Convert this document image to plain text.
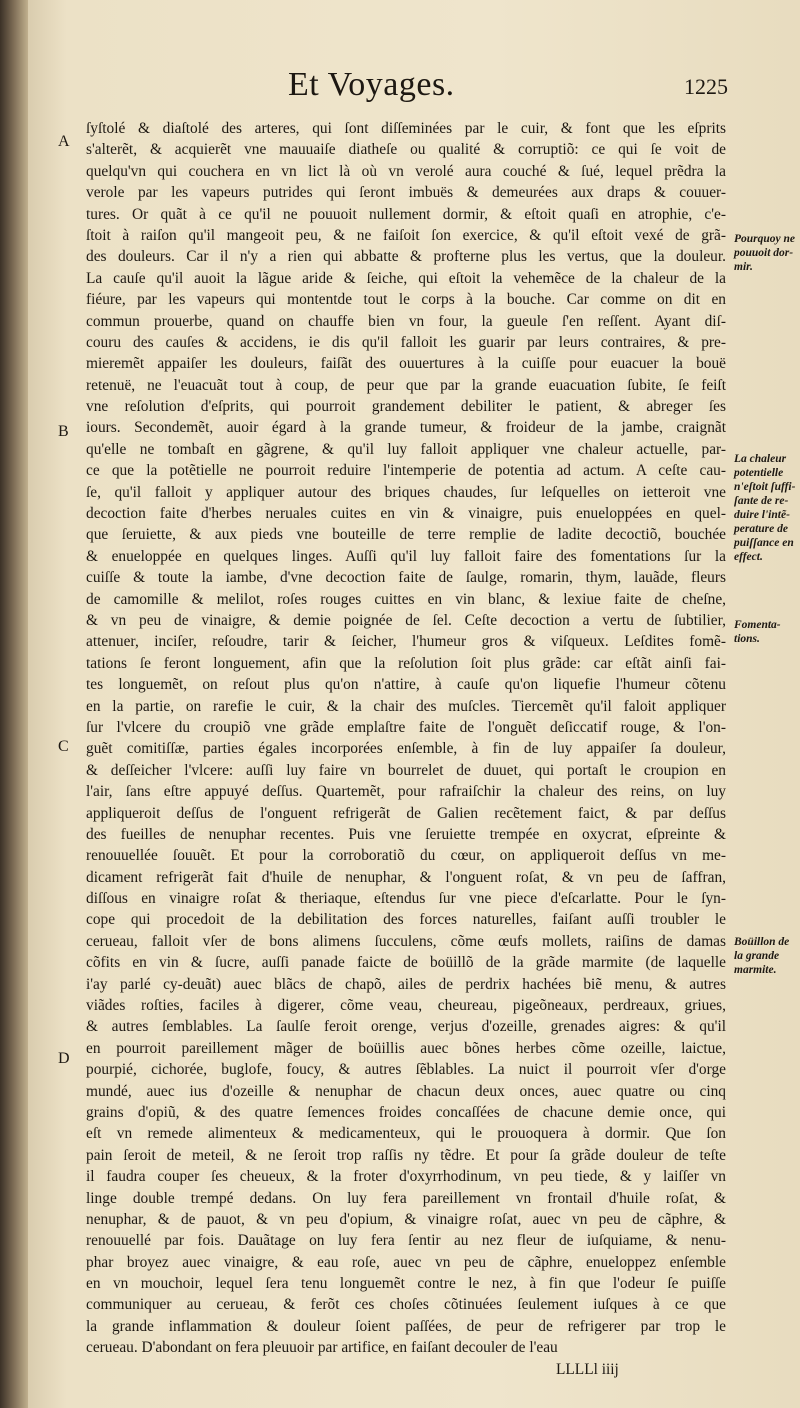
Et Voyages.	1225
A
B
C
D
ſyſtolé & diaſtolé des arteres, qui ſont diſſeminées par le cuir, & font que les eſprits
s'alterẽt, & acquierẽt vne mauuaiſe diatheſe ou qualité & corruptiõ: ce qui ſe voit de
quelqu'vn qui couchera en vn lict là où vn verolé aura couché & ſué, lequel prẽdra la
verole par les vapeurs putrides qui ſeront imbuës & demeurées aux draps & couuer-
tures. Or quãt à ce qu'il ne pouuoit nullement dormir, & eſtoit quaſi en atrophie, c'e-
ſtoit à raiſon qu'il mangeoit peu, & ne faiſoit ſon exercice, & qu'il eſtoit vexé de grã-
des douleurs. Car il n'y a rien qui abbatte & profterne plus les vertus, que la douleur.
La cauſe qu'il auoit la lãgue aride & ſeiche, qui eſtoit la vehemẽce de la chaleur de la
fiéure, par les vapeurs qui montentde tout le corps à la bouche. Car comme on dit en
commun prouerbe, quand on chauffe bien vn four, la gueule ſ'en reſſent. Ayant diſ-
couru des cauſes & accidens, ie dis qu'il falloit les guarir par leurs contraires, & pre-
mieremẽt appaiſer les douleurs, faiſãt des ouuertures à la cuiſſe pour euacuer la bouë
retenuë, ne l'euacuãt tout à coup, de peur que par la grande euacuation ſubite, ſe feiſt
vne reſolution d'eſprits, qui pourroit grandement debiliter le patient, & abreger ſes
iours. Secondemẽt, auoir égard à la grande tumeur, & froideur de la jambe, craignãt
qu'elle ne tombaſt en gãgrene, & qu'il luy falloit appliquer vne chaleur actuelle, par-
ce que la potẽtielle ne pourroit reduire l'intemperie de potentia ad actum. A ceſte cau-
ſe, qu'il falloit y appliquer autour des briques chaudes, ſur leſquelles on ietteroit vne
decoction faite d'herbes neruales cuites en vin & vinaigre, puis enueloppées en quel-
que ſeruiette, & aux pieds vne bouteille de terre remplie de ladite decoctiõ, bouchée
& enueloppée en quelques linges. Auſſi qu'il luy falloit faire des fomentations ſur la
cuiſſe & toute la iambe, d'vne decoction faite de ſaulge, romarin, thym, lauãde, fleurs
de camomille & melilot, roſes rouges cuittes en vin blanc, & lexiue faite de cheſne,
& vn peu de vinaigre, & demie poignée de ſel. Ceſte decoction a vertu de ſubtilier,
attenuer, inciſer, reſoudre, tarir & ſeicher, l'humeur gros & viſqueux. Leſdites fomẽ-
tations ſe feront longuement, afin que la reſolution ſoit plus grãde: car eſtãt ainſi fai-
tes longuemẽt, on reſout plus qu'on n'attire, à cauſe qu'on liquefie l'humeur cõtenu
en la partie, on rarefie le cuir, & la chair des muſcles. Tiercemẽt qu'il faloit appliquer
ſur l'vlcere du croupiõ vne grãde emplaſtre faite de l'onguẽt deſiccatif rouge, & l'on-
guẽt comitiſſæ, parties égales incorporées enſemble, à fin de luy appaiſer ſa douleur,
& deſſeicher l'vlcere: auſſi luy faire vn bourrelet de duuet, qui portaſt le croupion en
l'air, ſans eſtre appuyé deſſus. Quartemẽt, pour rafraiſchir la chaleur des reins, on luy
appliqueroit deſſus de l'onguent refrigerãt de Galien recẽtement faict, & par deſſus
des fueilles de nenuphar recentes. Puis vne ſeruiette trempée en oxycrat, eſpreinte &
renouuellée ſouuẽt. Et pour la corroboratiõ du cœur, on appliqueroit deſſus vn me-
dicament refrigerãt fait d'huile de nenuphar, & l'onguent roſat, & vn peu de ſaffran,
diſſous en vinaigre roſat & theriaque, eſtendus ſur vne piece d'eſcarlatte. Pour le ſyn-
cope qui procedoit de la debilitation des forces naturelles, faiſant auſſi troubler le
cerueau, falloit vſer de bons alimens ſucculens, cõme œufs mollets, raiſins de damas
cõfits en vin & ſucre, auſſi panade faicte de boüillõ de la grãde marmite (de laquelle
i'ay parlé cy-deuãt) auec blãcs de chapõ, ailes de perdrix hachées biẽ menu, & autres
viãdes roſties, faciles à digerer, cõme veau, cheureau, pigeõneaux, perdreaux, griues,
& autres ſemblables. La ſaulſe feroit orenge, verjus d'ozeille, grenades aigres: & qu'il
en pourroit pareillement mãger de boüillis auec bõnes herbes cõme ozeille, laictue,
pourpié, cichorée, buglofe, foucy, & autres ſẽblables. La nuict il pourroit vſer d'orge
mundé, auec ius d'ozeille & nenuphar de chacun deux onces, auec quatre ou cinq
grains d'opiũ, & des quatre ſemences froides concaſſées de chacune demie once, qui
eſt vn remede alimenteux & medicamenteux, qui le prouoquera à dormir. Que ſon
pain ſeroit de meteil, & ne ſeroit trop raſſis ny tẽdre. Et pour ſa grãde douleur de teſte
il faudra couper ſes cheueux, & la froter d'oxyrrhodinum, vn peu tiede, & y laiſſer vn
linge double trempé dedans. On luy fera pareillement vn frontail d'huile roſat, &
nenuphar, & de pauot, & vn peu d'opium, & vinaigre roſat, auec vn peu de cãphre, &
renouuellé par fois. Dauãtage on luy fera ſentir au nez fleur de iuſquiame, & nenu-
phar broyez auec vinaigre, & eau roſe, auec vn peu de cãphre, enueloppez enſemble
en vn mouchoir, lequel ſera tenu longuemẽt contre le nez, à fin que l'odeur ſe puiſſe
communiquer au cerueau, & ferõt ces choſes cõtinuées ſeulement iuſques à ce que
la grande inflammation & douleur ſoient paſſées, de peur de refrigerer par trop le
cerueau. D'abondant on fera pleuuoir par artifice, en faiſant decouler de l'eau
LLLLl iiij
Pourquoy ne
pouuoit dor-
mir.
La chaleur
potentielle
n'eſtoit ſuffi-
ſante de re-
duire l'intẽ-
perature de
puiſſance en
effect.
Fomenta-
tions.
Boüillon de
la grande
marmite.
